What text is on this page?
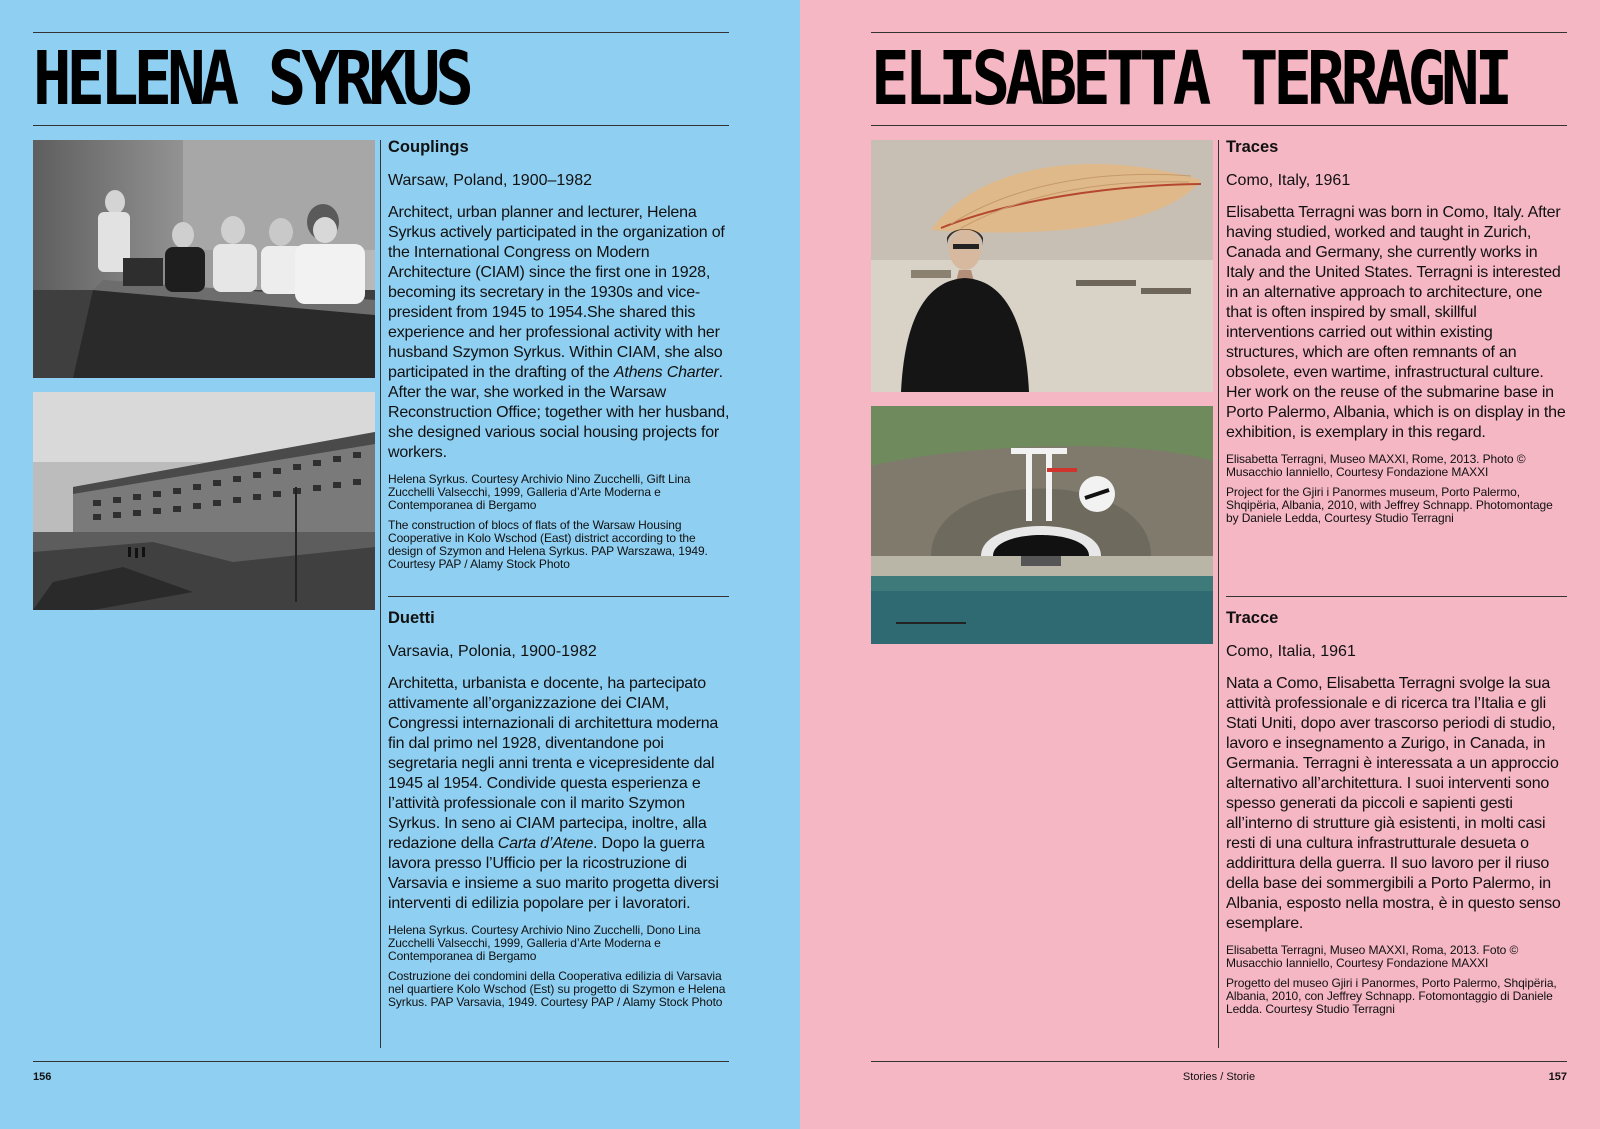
HELENA SYRKUS

Couplings

Warsaw, Poland, 1900–1982

Architect, urban planner and lecturer, Helena Syrkus actively participated in the organization of the International Congress on Modern Architecture (CIAM) since the first one in 1928, becoming its secretary in the 1930s and vice-president from 1945 to 1954.She shared this experience and her professional activity with her husband Szymon Syrkus. Within CIAM, she also participated in the drafting of the Athens Charter. After the war, she worked in the Warsaw Reconstruction Office; together with her husband, she designed various social housing projects for workers.

Helena Syrkus. Courtesy Archivio Nino Zucchelli, Gift Lina Zucchelli Valsecchi, 1999, Galleria d’Arte Moderna e Contemporanea di Bergamo

The construction of blocs of flats of the Warsaw Housing Cooperative in Kolo Wschod (East) district according to the design of Szymon and Helena Syrkus. PAP Warszawa, 1949. Courtesy PAP / Alamy Stock Photo

Duetti

Varsavia, Polonia, 1900-1982

Architetta, urbanista e docente, ha partecipato attivamente all’organizzazione dei CIAM, Congressi internazionali di architettura moderna fin dal primo nel 1928, diventandone poi segretaria negli anni trenta e vicepresidente dal 1945 al 1954. Condivide questa esperienza e l’attività professionale con il marito Szymon Syrkus. In seno ai CIAM partecipa, inoltre, alla redazione della Carta d’Atene. Dopo la guerra lavora presso l’Ufficio per la ricostruzione di Varsavia e insieme a suo marito progetta diversi interventi di edilizia popolare per i lavoratori.

Helena Syrkus. Courtesy Archivio Nino Zucchelli, Dono Lina Zucchelli Valsecchi, 1999, Galleria d’Arte Moderna e Contemporanea di Bergamo

Costruzione dei condomini della Cooperativa edilizia di Varsavia nel quartiere Kolo Wschod (Est) su progetto di Szymon e Helena Syrkus. PAP Varsavia, 1949. Courtesy PAP / Alamy Stock Photo

156
ELISABETTA TERRAGNI

Traces

Como, Italy, 1961

Elisabetta Terragni was born in Como, Italy. After having studied, worked and taught in Zurich, Canada and Germany, she currently works in Italy and the United States. Terragni is interested in an alternative approach to architecture, one that is often inspired by small, skillful interventions carried out within existing structures, which are often remnants of an obsolete, even wartime, infrastructural culture. Her work on the reuse of the submarine base in Porto Palermo, Albania, which is on display in the exhibition, is exemplary in this regard.

Elisabetta Terragni, Museo MAXXI, Rome, 2013. Photo © Musacchio Ianniello, Courtesy Fondazione MAXXI

Project for the Gjiri i Panormes museum, Porto Palermo, Shqipëria, Albania, 2010, with Jeffrey Schnapp. Photomontage by Daniele Ledda, Courtesy Studio Terragni

Tracce

Como, Italia, 1961

Nata a Como, Elisabetta Terragni svolge la sua attività professionale e di ricerca tra l’Italia e gli Stati Uniti, dopo aver trascorso periodi di studio, lavoro e insegnamento a Zurigo, in Canada, in Germania. Terragni è interessata a un approccio alternativo all’architettura. I suoi interventi sono spesso generati da piccoli e sapienti gesti all’interno di strutture già esistenti, in molti casi resti di una cultura infrastrutturale desueta o addirittura della guerra. Il suo lavoro per il riuso della base dei sommergibili a Porto Palermo, in Albania, esposto nella mostra, è in questo senso esemplare.

Elisabetta Terragni, Museo MAXXI, Roma, 2013. Foto © Musacchio Ianniello, Courtesy Fondazione MAXXI

Progetto del museo Gjiri i Panormes, Porto Palermo, Shqipëria, Albania, 2010, con Jeffrey Schnapp. Fotomontaggio di Daniele Ledda. Courtesy Studio Terragni

Stories / Storie	157
